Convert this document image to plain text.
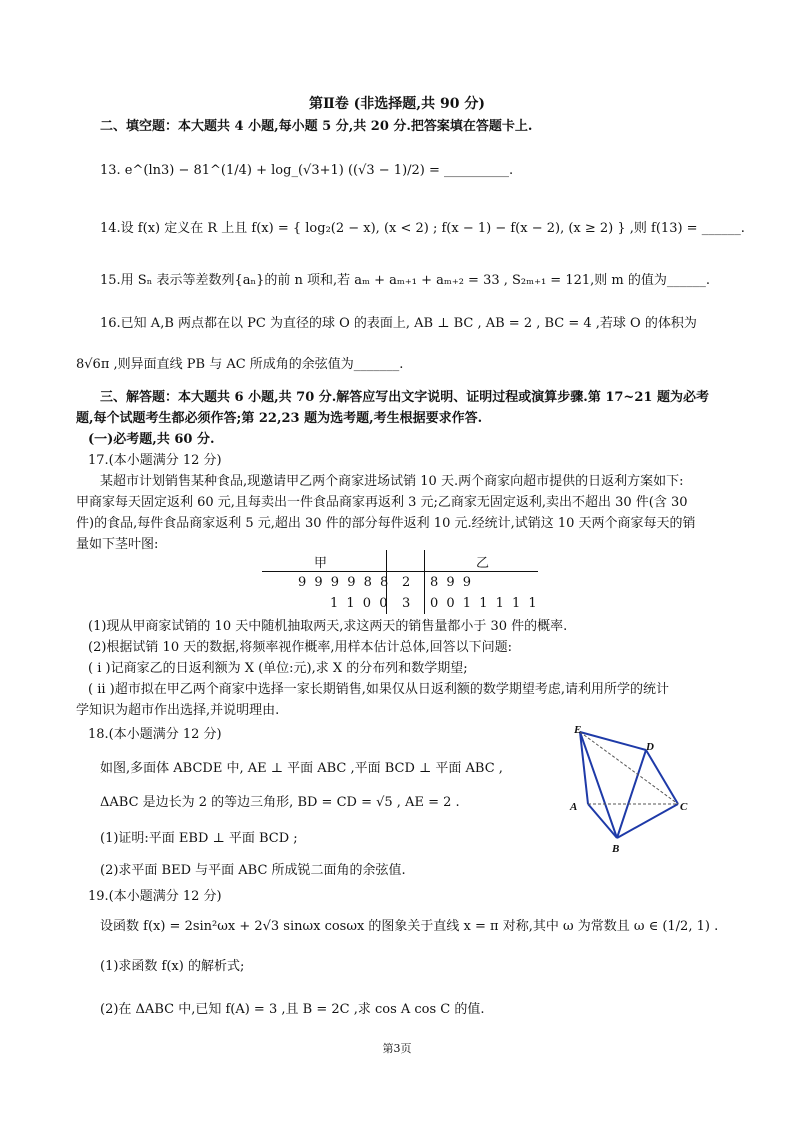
第Ⅱ卷 (非选择题,共 90 分)
二、填空题：本大题共 4 小题,每小题 5 分,共 20 分.把答案填在答题卡上.
13. e^(ln3) − 81^(1/4) + log_(√3+1) ((√3 − 1)/2) = __________.
14.设 f(x) 定义在 R 上且 f(x) = { log₂(2 − x), (x < 2) ; f(x − 1) − f(x − 2), (x ≥ 2) } ,则 f(13) = ______.
15.用 Sₙ 表示等差数列{aₙ}的前 n 项和,若 aₘ + aₘ₊₁ + aₘ₊₂ = 33 , S₂ₘ₊₁ = 121,则 m 的值为______.
16.已知 A,B 两点都在以 PC 为直径的球 O 的表面上, AB ⊥ BC , AB = 2 , BC = 4 ,若球 O 的体积为
8√6π ,则异面直线 PB 与 AC 所成角的余弦值为_______.
三、解答题：本大题共 6 小题,共 70 分.解答应写出文字说明、证明过程或演算步骤.第 17~21 题为必考
题,每个试题考生都必须作答;第 22,23 题为选考题,考生根据要求作答.
(一)必考题,共 60 分.
17.(本小题满分 12 分)
某超市计划销售某种食品,现邀请甲乙两个商家进场试销 10 天.两个商家向超市提供的日返利方案如下:
甲商家每天固定返利 60 元,且每卖出一件食品商家再返利 3 元;乙商家无固定返利,卖出不超出 30 件(含 30
件)的食品,每件食品商家返利 5 元,超出 30 件的部分每件返利 10 元.经统计,试销这 10 天两个商家每天的销
量如下茎叶图:
甲	乙
9 9 9 9 8 8 2 8 9 9
1 1 0 0 3 0 0 1 1 1 1 1
(1)现从甲商家试销的 10 天中随机抽取两天,求这两天的销售量都小于 30 件的概率.
(2)根据试销 10 天的数据,将频率视作概率,用样本估计总体,回答以下问题:
( i )记商家乙的日返利额为 X (单位:元),求 X 的分布列和数学期望;
( ii )超市拟在甲乙两个商家中选择一家长期销售,如果仅从日返利额的数学期望考虑,请利用所学的统计
学知识为超市作出选择,并说明理由.
18.(本小题满分 12 分)
如图,多面体 ABCDE 中, AE ⊥ 平面 ABC ,平面 BCD ⊥ 平面 ABC ,
ΔABC 是边长为 2 的等边三角形, BD = CD = √5 , AE = 2 .
(1)证明:平面 EBD ⊥ 平面 BCD ;
(2)求平面 BED 与平面 ABC 所成锐二面角的余弦值.
E
D
A	C
B
19.(本小题满分 12 分)
设函数 f(x) = 2sin²ωx + 2√3 sinωx cosωx 的图象关于直线 x = π 对称,其中 ω 为常数且 ω ∈ (1/2, 1) .
(1)求函数 f(x) 的解析式;
(2)在 ΔABC 中,已知 f(A) = 3 ,且 B = 2C ,求 cos A cos C 的值.
第3页
